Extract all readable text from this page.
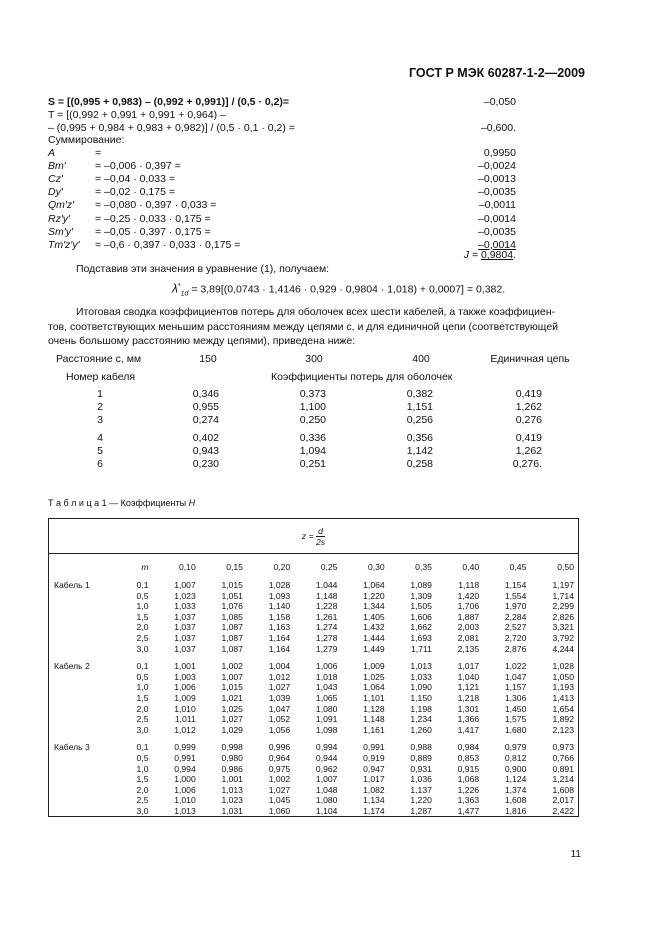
ГОСТ Р МЭК 60287-1-2—2009
S = [(0,995 + 0,983) – (0,992 + 0,991)] / (0,5 · 0,2)=	–0,050
T = [(0,992 + 0,991 + 0,991 + 0,964) –
– (0,995 + 0,984 + 0,983 + 0,982)] / (0,5 · 0,1 · 0,2) =	–0,600.
Суммирование:
A	=	0,9950
Bm′	= –0,006 · 0,397 =	–0,0024
Cz′	= –0,04 · 0,033 =	–0,0013
Dy′	= –0,02 · 0,175 =	–0,0035
Qm′z′ = –0,080 · 0,397 · 0,033 =	–0,0011
Rz′y′ = –0,25 · 0,033 · 0,175 =	–0,0014
Sm′y′ = –0,05 · 0,397 · 0,175 =	–0,0035
Tm′z′y′ = –0,6 · 0,397 · 0,033 · 0,175 =	–0,0014
J = 0,9804.
Подставив эти значения в уравнение (1), получаем:
$\lambda^*_{1d} = 3,89[(0,0743 \cdot 1,4146 \cdot 0,929 \cdot 0,9804 \cdot 1,018) + 0,0007] = 0,382$.
Итоговая сводка коэффициентов потерь для оболочек всех шести кабелей, а также коэффициен-
тов, соответствующих меньшим расстояниям между цепями с, и для единичной цепи (соответствующей
очень большому расстоянию между цепями), приведена ниже:
Расстояние с, мм	150	300	400	Единичная цепь
Номер кабеля	Коэффициенты потерь для оболочек
1	0,346	0,373	0,382	0,419
2	0,955	1,100	1,151	1,262
3	0,274	0,250	0,256	0,276
4	0,402	0,336	0,356	0,419
5	0,943	1,094	1,142	1,262
6	0,230	0,251	0,258	0,276.
Т а б л и ц а 1 — Коэффициенты H
$z = \frac{d}{2s}$

	m	0,10	0,15	0,20	0,25	0,30	0,35	0,40	0,45	0,50
Кабель 1	0,1	1,007	1,015	1,028	1,044	1,064	1,089	1,118	1,154	1,197
	0,5	1,023	1,051	1,093	1,148	1,220	1,309	1,420	1,554	1,714
	1,0	1,033	1,076	1,140	1,228	1,344	1,505	1,706	1,970	2,299
	1,5	1,037	1,085	1,158	1,261	1,405	1,606	1,887	2,284	2,826
	2,0	1,037	1,087	1,163	1,274	1,432	1,662	2,003	2,527	3,321
	2,5	1,037	1,087	1,164	1,278	1,444	1,693	2,081	2,720	3,792
	3,0	1,037	1,087	1,164	1,279	1,449	1,711	2,135	2,876	4,244

Кабель 2	0,1	1,001	1,002	1,004	1,006	1,009	1,013	1,017	1,022	1,028
	0,5	1,003	1,007	1,012	1,018	1,025	1,033	1,040	1,047	1,050
	1,0	1,006	1,015	1,027	1,043	1,064	1,090	1,121	1,157	1,193
	1,5	1,009	1,021	1,039	1,065	1,101	1,150	1,218	1,306	1,413
	2,0	1,010	1,025	1,047	1,080	1,128	1,198	1,301	1,450	1,654
	2,5	1,011	1,027	1,052	1,091	1,148	1,234	1,366	1,575	1,892
	3,0	1,012	1,029	1,056	1,098	1,161	1,260	1,417	1,680	2,123

Кабель 3	0,1	0,999	0,998	0,996	0,994	0,991	0,988	0,984	0,979	0,973
	0,5	0,991	0,980	0,964	0,944	0,919	0,889	0,853	0,812	0,766
	1,0	0,994	0,986	0,975	0,962	0,947	0,931	0,915	0,900	0,891
	1,5	1,000	1,001	1,002	1,007	1,017	1,036	1,068	1,124	1,214
	2,0	1,006	1,013	1,027	1,048	1,082	1,137	1,226	1,374	1,608
	2,5	1,010	1,023	1,045	1,080	1,134	1,220	1,363	1,608	2,017
	3,0	1,013	1,031	1,060	1,104	1,174	1,287	1,477	1,816	2,422
11
